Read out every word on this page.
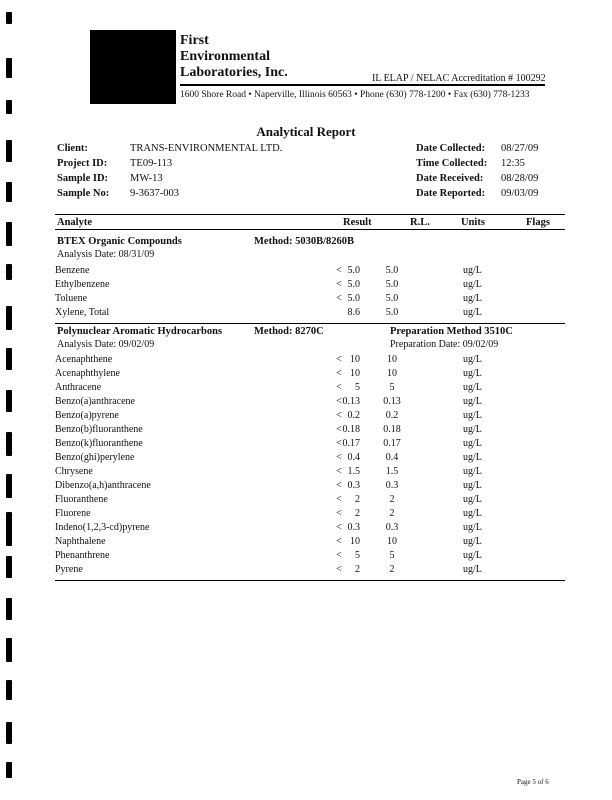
First
Environmental
Laboratories, Inc.	IL ELAP / NELAC Accreditation # 100292
1600 Shore Road • Naperville, Illinois 60563 • Phone (630) 778-1200 • Fax (630) 778-1233
Analytical Report
Client:	TRANS-ENVIRONMENTAL LTD.
Project ID: TE09-113
Sample ID: MW-13
Sample No: 9-3637-003
Date Collected: 08/27/09
Time Collected: 12:35
Date Received: 08/28/09
Date Reported: 09/03/09
Analyte	Result	R.L.	Units	Flags
BTEX Organic Compounds	Method: 5030B/8260B
Analysis Date: 08/31/09
Benzene	< 5.0	5.0	ug/L
Ethylbenzene	< 5.0	5.0	ug/L
Toluene	< 5.0	5.0	ug/L
Xylene, Total	8.6	5.0	ug/L
Polynuclear Aromatic Hydrocarbons	Method: 8270C	Preparation Method 3510C
Analysis Date: 09/02/09	Preparation Date: 09/02/09
Acenaphthene	< 10	10	ug/L
Acenaphthylene	< 10	10	ug/L
Anthracene	<	5	5	ug/L
Benzo(a)anthracene	< 0.13	0.13	ug/L
Benzo(a)pyrene	< 0.2	0.2	ug/L
Benzo(b)fluoranthene	< 0.18	0.18	ug/L
Benzo(k)fluoranthene	< 0.17	0.17	ug/L
Benzo(ghi)perylene	< 0.4	0.4	ug/L
Chrysene	< 1.5	1.5	ug/L
Dibenzo(a,h)anthracene	< 0.3	0.3	ug/L
Fluoranthene	<	2	2	ug/L
Fluorene	<	2	2	ug/L
Indeno(1,2,3-cd)pyrene	< 0.3	0.3	ug/L
Naphthalene	< 10	10	ug/L
Phenanthrene	<	5	5	ug/L
Pyrene	<	2	2	ug/L
Page 5 of 6
